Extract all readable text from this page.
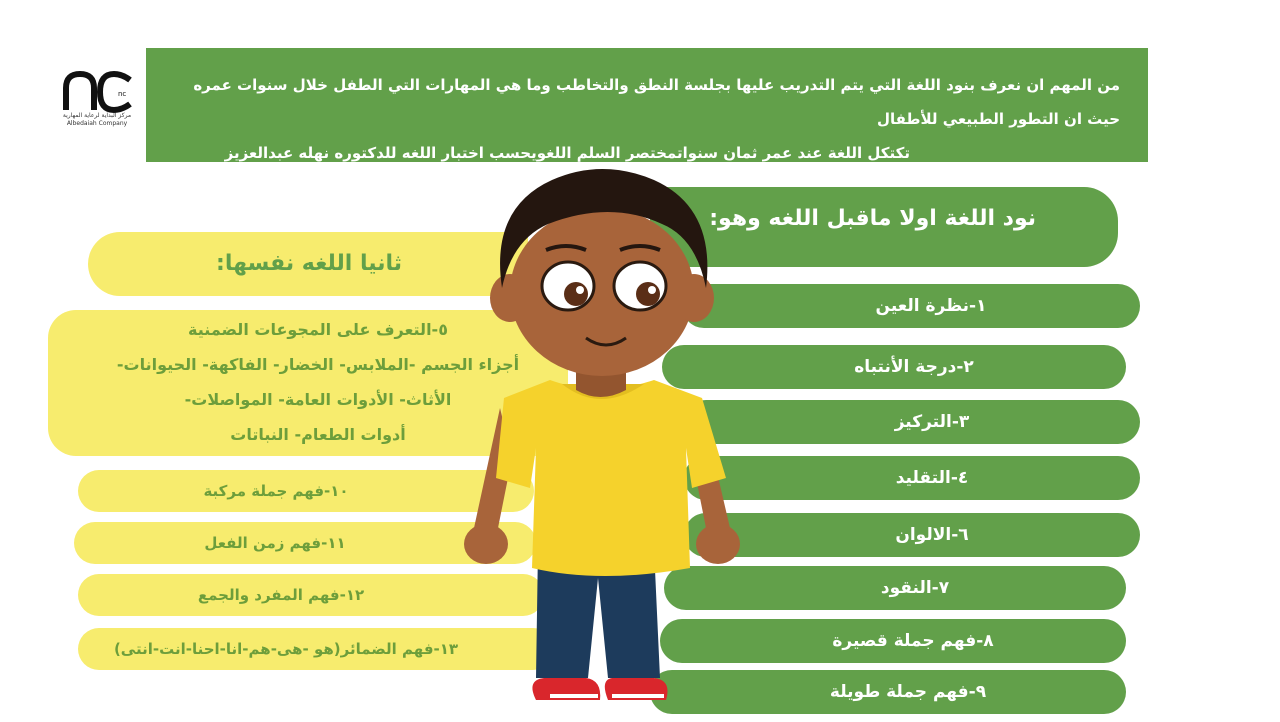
nc
مركز البداية لرعاية المهارية
Albedaiah Company
من المهم ان نعرف بنود اللغة التي يتم التدريب عليها بجلسة النطق والتخاطب وما هي المهارات التي الطفل خلال سنوات عمره حيث ان التطور الطبيعي للأطفال
تكتكل اللغة عند عمر ثمان سنواتمختصر السلم اللغويحسب اختبار اللغه للدكتوره نهله عبدالعزيز
نود اللغة اولا ماقبل اللغه وهو:
١-نظرة العين
٢-درجة الأنتباه
٣-التركيز
٤-التقليد
٦-الالوان
٧-النقود
٨-فهم جملة قصيرة
٩-فهم جملة طويلة
ثانيا اللغه نفسها:
٥-التعرف على المجوعات الضمنية
أجزاء الجسم -الملابس- الخضار- الفاكهة- الحيوانات-
الأثاث- الأدوات العامة- المواصلات-
أدوات الطعام- النباتات
١٠-فهم جملة مركبة
١١-فهم زمن الفعل
١٢-فهم المفرد والجمع
١٣-فهم الضمائر(هو -هى-هم-انا-احنا-انت-انتى)
